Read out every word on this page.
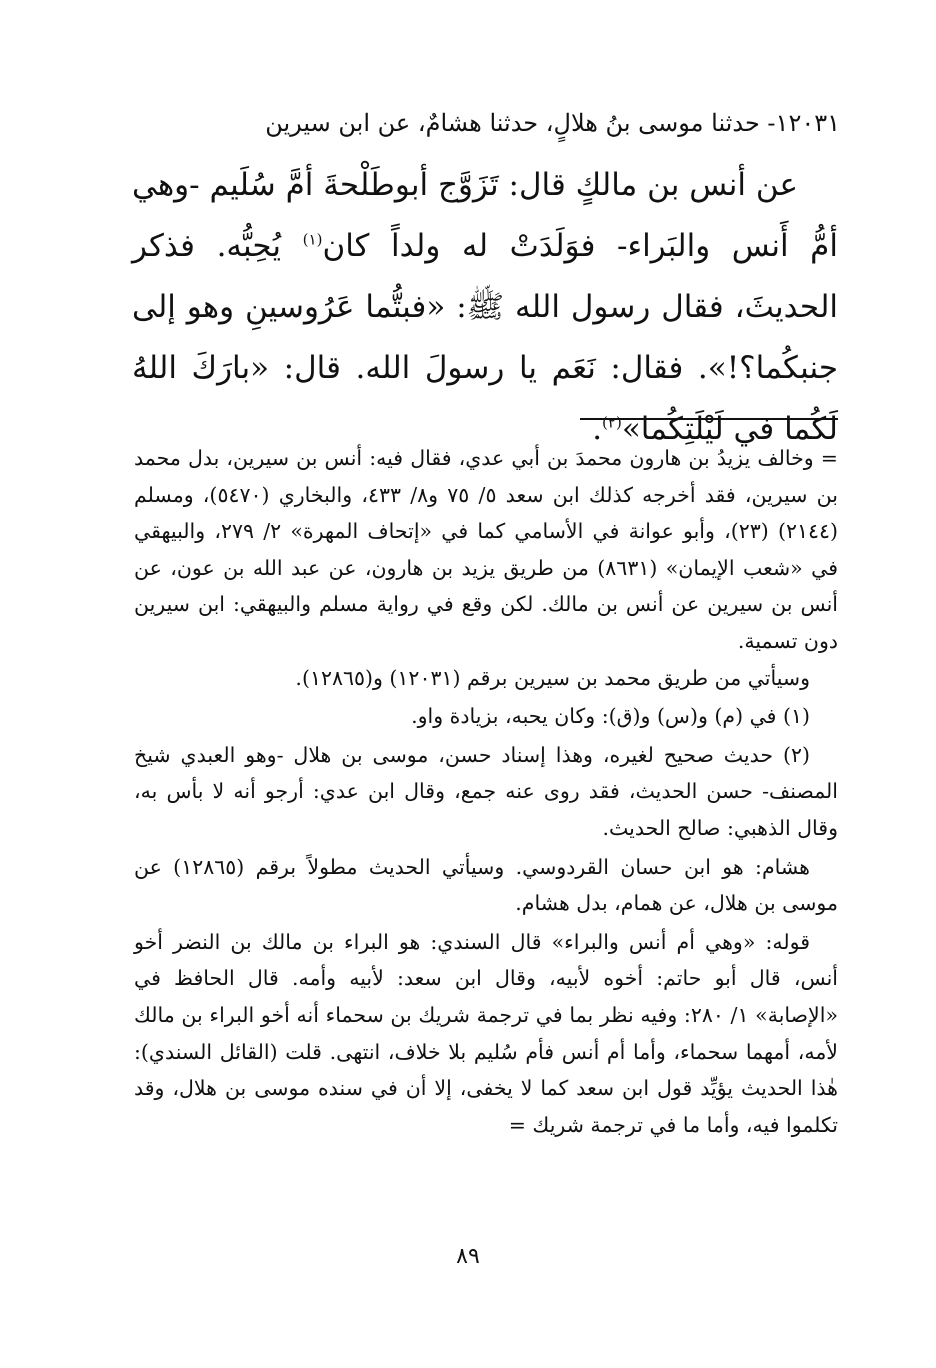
١٢٠٣١- حدثنا موسى بنُ هلالٍ، حدثنا هشامٌ، عن ابن سيرين

عن أنس بن مالكٍ قال: تَزَوَّج أبوطَلْحةَ أمَّ سُلَيم -وهي أمُّ أَنس والبَراء- فوَلَدَتْ له ولداً كان$^{(١)}$ يُحِبُّه. فذكر الحديثَ، فقال رسول الله ﷺ: «فبتُّما عَرُوسينِ وهو إلى جنبكُما؟!». فقال: نَعَم يا رسولَ الله. قال: «بارَكَ اللهُ لَكُما في لَيْلَتِكُما»$^{(٢)}$.

= وخالف يزيدُ بن هارون محمدَ بن أبي عدي، فقال فيه: أنس بن سيرين، بدل محمد بن سيرين، فقد أخرجه كذلك ابن سعد ٥/ ٧٥ و٨/ ٤٣٣، والبخاري (٥٤٧٠)، ومسلم (٢١٤٤) (٢٣)، وأبو عوانة في الأسامي كما في «إتحاف المهرة» ٢/ ٢٧٩، والبيهقي في «شعب الإيمان» (٨٦٣١) من طريق يزيد بن هارون، عن عبد الله بن عون، عن أنس بن سيرين عن أنس بن مالك. لكن وقع في رواية مسلم والبيهقي: ابن سيرين دون تسمية.

وسيأتي من طريق محمد بن سيرين برقم (١٢٠٣١) و(١٢٨٦٥).

(١) في (م) و(س) و(ق): وكان يحبه، بزيادة واو.

(٢) حديث صحيح لغيره، وهذا إسناد حسن، موسى بن هلال -وهو العبدي شيخ المصنف- حسن الحديث، فقد روى عنه جمع، وقال ابن عدي: أرجو أنه لا بأس به، وقال الذهبي: صالح الحديث.

هشام: هو ابن حسان القردوسي. وسيأتي الحديث مطولاً برقم (١٢٨٦٥) عن موسى بن هلال، عن همام، بدل هشام.

قوله: «وهي أم أنس والبراء» قال السندي: هو البراء بن مالك بن النضر أخو أنس، قال أبو حاتم: أخوه لأبيه، وقال ابن سعد: لأبيه وأمه. قال الحافظ في «الإصابة» ١/ ٢٨٠: وفيه نظر بما في ترجمة شريك بن سحماء أنه أخو البراء بن مالك لأمه، أمهما سحماء، وأما أم أنس فأم سُليم بلا خلاف، انتهى. قلت (القائل السندي): هٰذا الحديث يؤيِّد قول ابن سعد كما لا يخفى، إلا أن في سنده موسى بن هلال، وقد تكلموا فيه، وأما ما في ترجمة شريك =

٨٩
